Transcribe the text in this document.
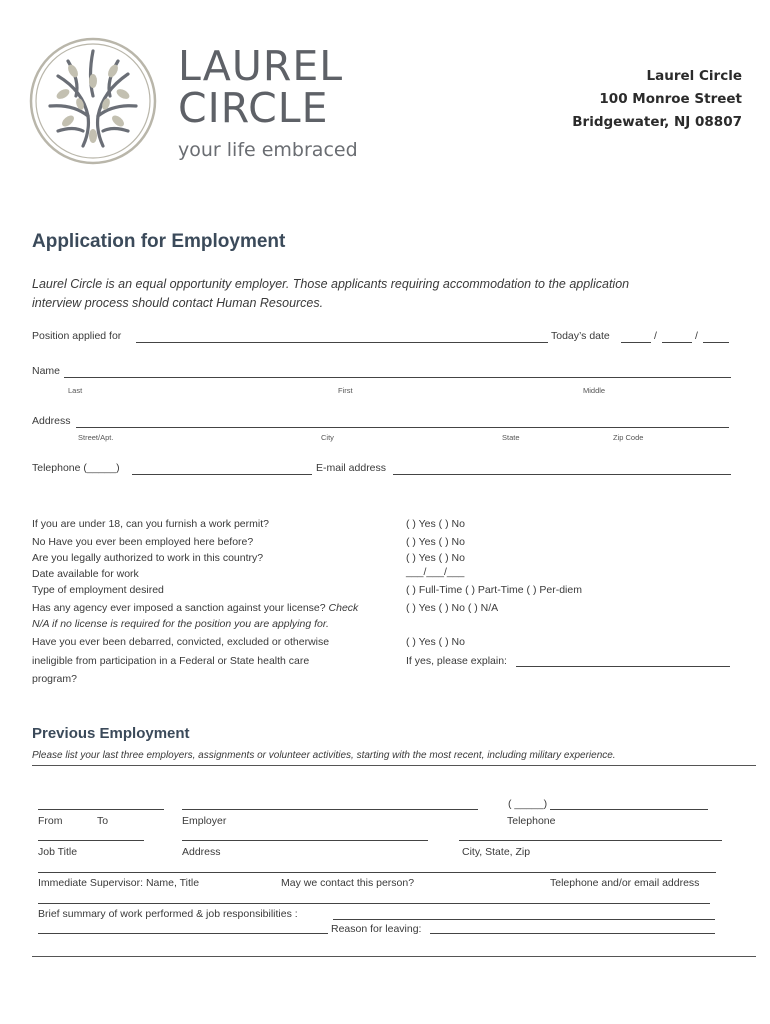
LAUREL
CIRCLE
your life embraced
Laurel Circle
100 Monroe Street
Bridgewater, NJ 08807
Application for Employment
Laurel Circle is an equal opportunity employer. Those applicants requiring accommodation to the application
interview process should contact Human Resources.
Position applied for	Today’s date	/	/
Name
Last	First	Middle
Address
Street/Apt.	City	State	Zip Code
Telephone (_____)	E-mail address
If you are under 18, can you furnish a work permit?	( ) Yes ( ) No
No Have you ever been employed here before?	( ) Yes ( ) No
Are you legally authorized to work in this country?	( ) Yes ( ) No
Date available for work	___/___/___
Type of employment desired	( ) Full-Time ( ) Part-Time ( ) Per-diem
Has any agency ever imposed a sanction against your license? Check
N/A if no license is required for the position you are applying for.
( ) Yes ( ) No ( ) N/A
Have you ever been debarred, convicted, excluded or otherwise
ineligible from participation in a Federal or State health care
program?
( ) Yes ( ) No
If yes, please explain:
Previous Employment
Please list your last three employers, assignments or volunteer activities, starting with the most recent, including military experience.
( _____)
From	To	Employer	Telephone
Job Title	Address	City, State, Zip
Immediate Supervisor: Name, Title	May we contact this person?	Telephone and/or email address
Brief summary of work performed & job responsibilities :
Reason for leaving:
